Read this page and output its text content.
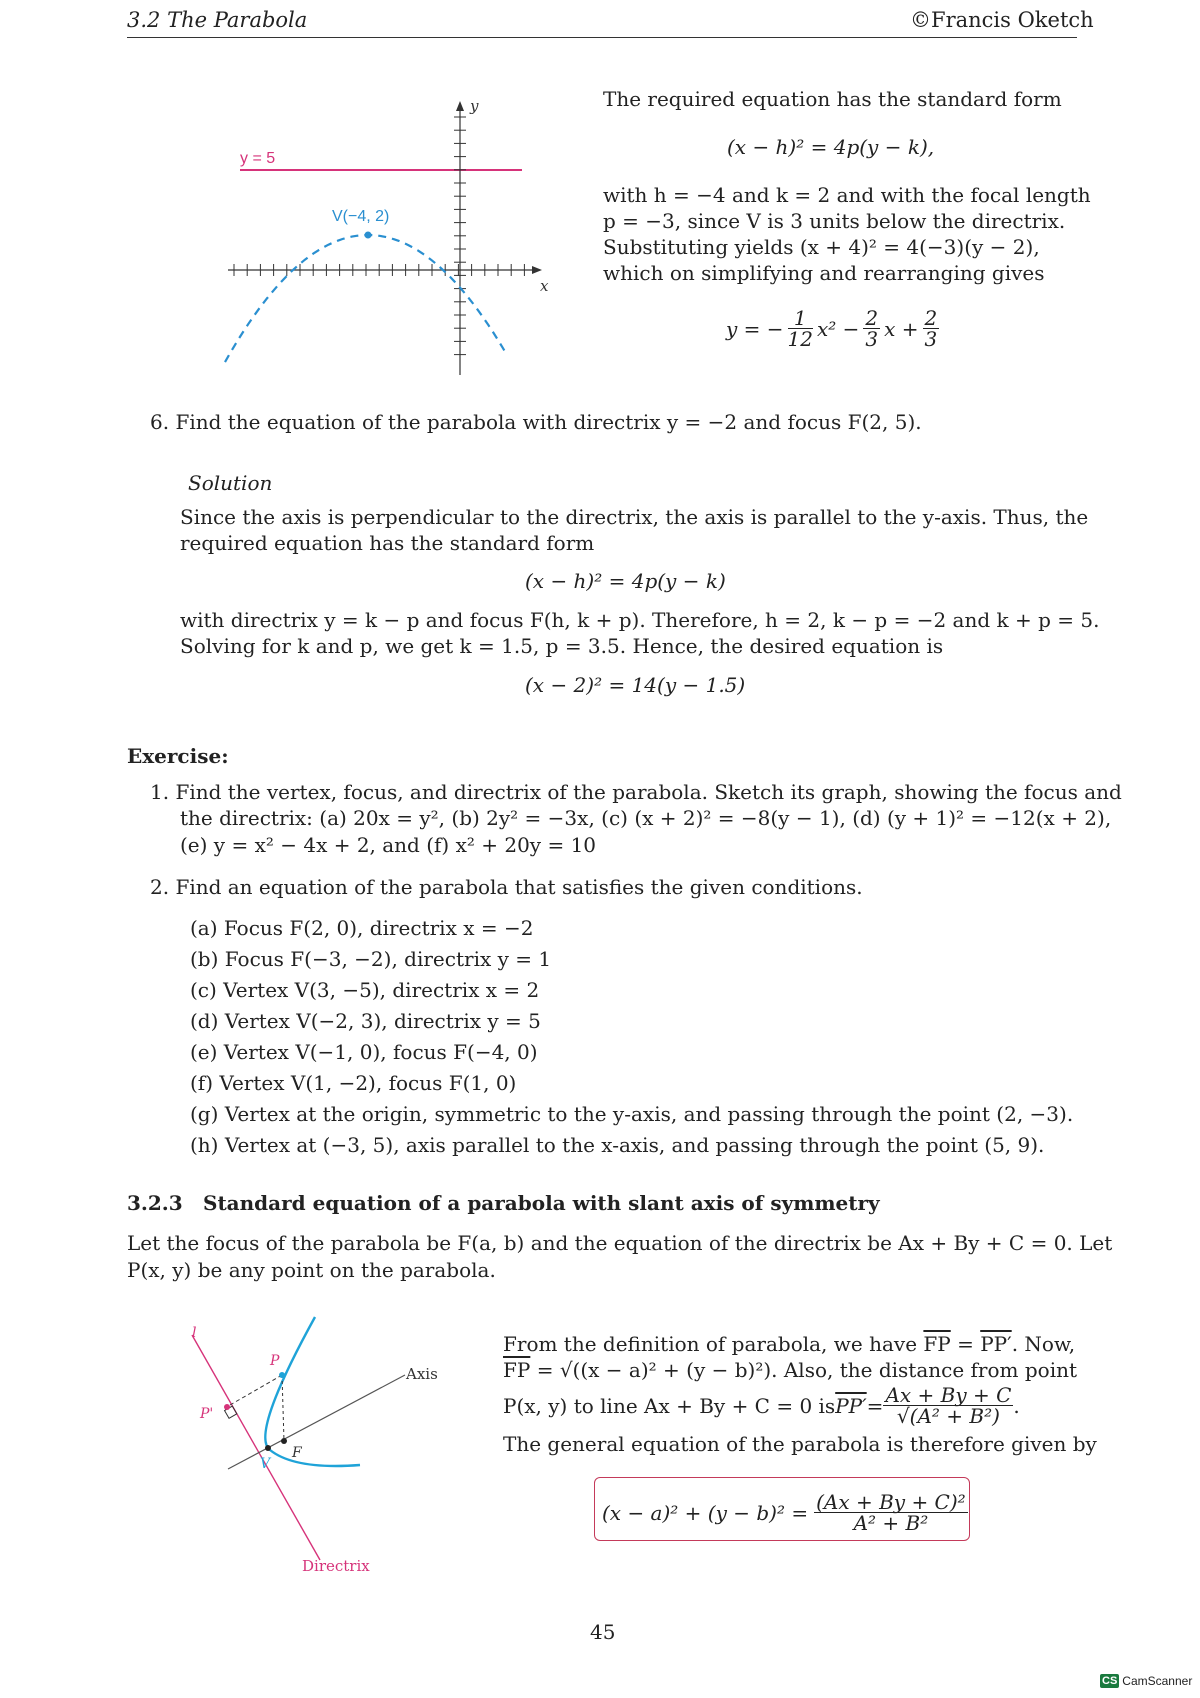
3.2 The Parabola	©Francis Oketch
y
x
y = 5
V(−4, 2)
The required equation has the standard form
(x − h)² = 4p(y − k),
with h = −4 and k = 2 and with the focal length
p = −3, since V is 3 units below the directrix.
Substituting yields (x + 4)² = 4(−3)(y − 2),
which on simplifying and rearranging gives
y = − $\frac{1}{12} x^2 - \frac{2}{3}$ $x + \frac{2}{3}$
6. Find the equation of the parabola with directrix y = −2 and focus F(2, 5).
Solution
Since the axis is perpendicular to the directrix, the axis is parallel to the y-axis. Thus, the
required equation has the standard form
(x − h)² = 4p(y − k)
with directrix y = k − p and focus F(h, k + p). Therefore, h = 2, k − p = −2 and k + p = 5.
Solving for k and p, we get k = 1.5, p = 3.5. Hence, the desired equation is
(x − 2)² = 14(y − 1.5)
Exercise:
1. Find the vertex, focus, and directrix of the parabola. Sketch its graph, showing the focus and
the directrix: (a) 20x = y², (b) 2y² = −3x, (c) (x + 2)² = −8(y − 1), (d) (y + 1)² = −12(x + 2),
(e) y = x² − 4x + 2, and (f) x² + 20y = 10
2. Find an equation of the parabola that satisfies the given conditions.
(a) Focus F(2, 0), directrix x = −2
(b) Focus F(−3, −2), directrix y = 1
(c) Vertex V(3, −5), directrix x = 2
(d) Vertex V(−2, 3), directrix y = 5
(e) Vertex V(−1, 0), focus F(−4, 0)
(f) Vertex V(1, −2), focus F(1, 0)
(g) Vertex at the origin, symmetric to the y-axis, and passing through the point (2, −3).
(h) Vertex at (−3, 5), axis parallel to the x-axis, and passing through the point (5, 9).
3.2.3 Standard equation of a parabola with slant axis of symmetry
Let the focus of the parabola be F(a, b) and the equation of the directrix be Ax + By + C = 0. Let
P(x, y) be any point on the parabola.
l
P
P'
Axis
F
V
Directrix
From the definition of parabola, we have $\overline{FP} = PP'$. Now,
$\overline{FP} = √((x - a)^2 + (y - b)^2)$. Also, the distance from point
P(x, y) to line Ax + By + C = 0 is $PP' = \frac{Ax + By + C}{\text{√(A² + B²)}}$ .
The general equation of the parabola is therefore given by
$(x - a)^2 + (y - b)^2 = \frac{\text{(Ax + By + C)²}}{\text{A² + B²}}$
45
CS CamScanner
